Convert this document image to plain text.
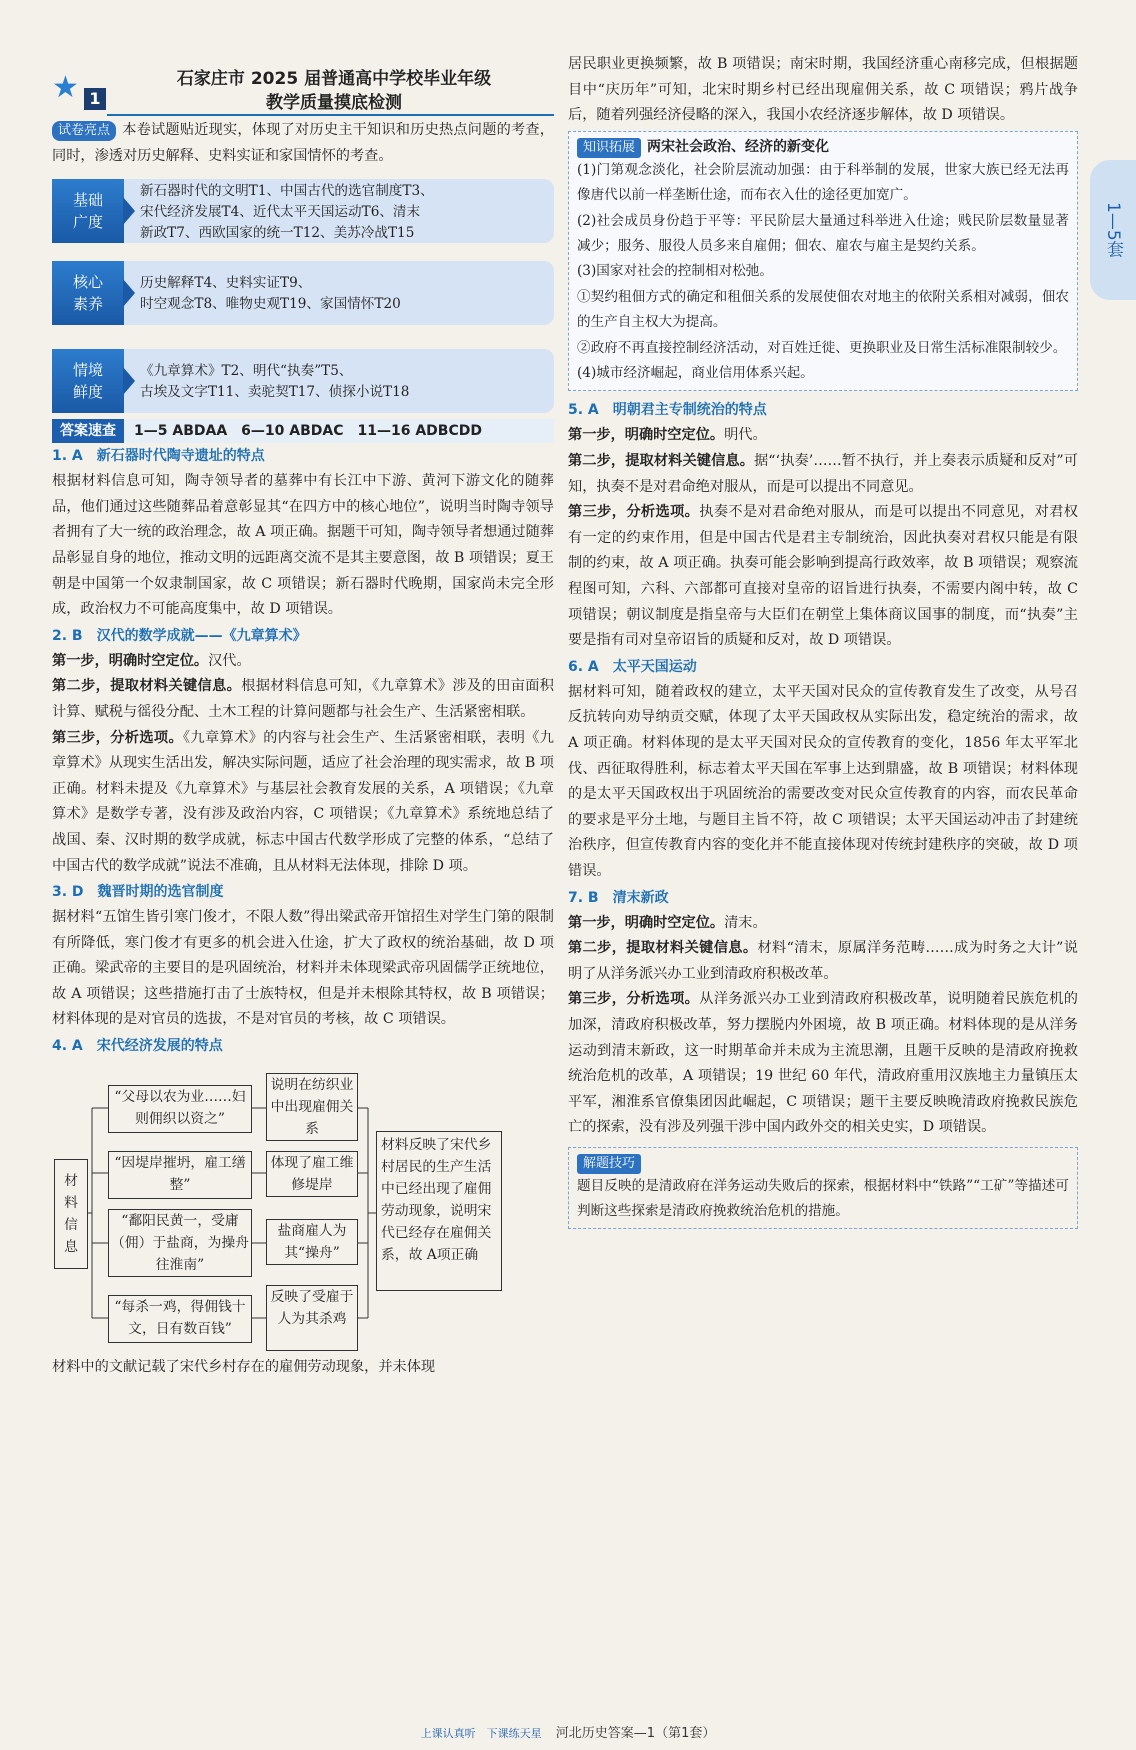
★ 1
石家庄市 2025 届普通高中学校毕业年级
教学质量摸底检测

试卷亮点 本卷试题贴近现实，体现了对历史主干知识和历史热点问题的考查，同时，渗透对历史解释、史料实证和家国情怀的考查。

基础
广度
新石器时代的文明T1、中国古代的选官制度T3、
宋代经济发展T4、近代太平天国运动T6、清末
新政T7、西欧国家的统一T12、美苏冷战T15
核心
素养
历史解释T4、史料实证T9、
时空观念T8、唯物史观T19、家国情怀T20
情境
鲜度
《九章算术》T2、明代“执奏”T5、
古埃及文字T11、卖驼契T17、侦探小说T18
答案速查 1—5 ABDAA　6—10 ABDAC　11—16 ADBCDD
1. A　新石器时代陶寺遗址的特点

根据材料信息可知，陶寺领导者的墓葬中有长江中下游、黄河下游文化的随葬品，他们通过这些随葬品着意彰显其“在四方中的核心地位”，说明当时陶寺领导者拥有了大一统的政治理念，故 A 项正确。据题干可知，陶寺领导者想通过随葬品彰显自身的地位，推动文明的远距离交流不是其主要意图，故 B 项错误；夏王朝是中国第一个奴隶制国家，故 C 项错误；新石器时代晚期，国家尚未完全形成，政治权力不可能高度集中，故 D 项错误。

2. B　汉代的数学成就——《九章算术》

第一步，明确时空定位。汉代。

第二步，提取材料关键信息。根据材料信息可知，《九章算术》涉及的田亩面积计算、赋税与徭役分配、土木工程的计算问题都与社会生产、生活紧密相联。

第三步，分析选项。《九章算术》的内容与社会生产、生活紧密相联，表明《九章算术》从现实生活出发，解决实际问题，适应了社会治理的现实需求，故 B 项正确。材料未提及《九章算术》与基层社会教育发展的关系，A 项错误；《九章算术》是数学专著，没有涉及政治内容，C 项错误；《九章算术》系统地总结了战国、秦、汉时期的数学成就，标志中国古代数学形成了完整的体系，“总结了中国古代的数学成就”说法不准确，且从材料无法体现，排除 D 项。

3. D　魏晋时期的选官制度

据材料“五馆生皆引寒门俊才，不限人数”得出梁武帝开馆招生对学生门第的限制有所降低，寒门俊才有更多的机会进入仕途，扩大了政权的统治基础，故 D 项正确。梁武帝的主要目的是巩固统治，材料并未体现梁武帝巩固儒学正统地位，故 A 项错误；这些措施打击了士族特权，但是并未根除其特权，故 B 项错误；材料体现的是对官员的选拔，不是对官员的考核，故 C 项错误。

4. A　宋代经济发展的特点
材
料
信
息
“父母以农为业……妇则佣织以资之”
“因堤岸摧坍，雇工缮整”
“鄱阳民黄一，受庸（佣）于盐商，为操舟往淮南”
“每杀一鸡，得佣钱十文，日有数百钱”
说明在纺织业中出现雇佣关系
体现了雇工维修堤岸
盐商雇人为其“操舟”
反映了受雇于人为其杀鸡
材料反映了宋代乡村居民的生产生活中已经出现了雇佣劳动现象，说明宋代已经存在雇佣关系，故 A项正确

材料中的文献记载了宋代乡村存在的雇佣劳动现象，并未体现

居民职业更换频繁，故 B 项错误；南宋时期，我国经济重心南移完成，但根据题目中“庆历年”可知，北宋时期乡村已经出现雇佣关系，故 C 项错误；鸦片战争后，随着列强经济侵略的深入，我国小农经济逐步解体，故 D 项错误。

知识拓展 两宋社会政治、经济的新变化

(1)门第观念淡化，社会阶层流动加强：由于科举制的发展，世家大族已经无法再像唐代以前一样垄断仕途，而布衣入仕的途径更加宽广。

(2)社会成员身份趋于平等：平民阶层大量通过科举进入仕途；贱民阶层数量显著减少；服务、服役人员多来自雇佣；佃农、雇农与雇主是契约关系。

(3)国家对社会的控制相对松弛。

①契约租佃方式的确定和租佃关系的发展使佃农对地主的依附关系相对减弱，佃农的生产自主权大为提高。

②政府不再直接控制经济活动，对百姓迁徙、更换职业及日常生活标准限制较少。

(4)城市经济崛起，商业信用体系兴起。

5. A　明朝君主专制统治的特点

第一步，明确时空定位。明代。

第二步，提取材料关键信息。据“‘执奏’……暂不执行，并上奏表示质疑和反对”可知，执奏不是对君命绝对服从，而是可以提出不同意见。

第三步，分析选项。执奏不是对君命绝对服从，而是可以提出不同意见，对君权有一定的约束作用，但是中国古代是君主专制统治，因此执奏对君权只能是有限制的约束，故 A 项正确。执奏可能会影响到提高行政效率，故 B 项错误；观察流程图可知，六科、六部都可直接对皇帝的诏旨进行执奏，不需要内阁中转，故 C 项错误；朝议制度是指皇帝与大臣们在朝堂上集体商议国事的制度，而“执奏”主要是指有司对皇帝诏旨的质疑和反对，故 D 项错误。

6. A　太平天国运动

据材料可知，随着政权的建立，太平天国对民众的宣传教育发生了改变，从号召反抗转向劝导纳贡交赋，体现了太平天国政权从实际出发，稳定统治的需求，故 A 项正确。材料体现的是太平天国对民众的宣传教育的变化，1856 年太平军北伐、西征取得胜利，标志着太平天国在军事上达到鼎盛，故 B 项错误；材料体现的是太平天国政权出于巩固统治的需要改变对民众宣传教育的内容，而农民革命的要求是平分土地，与题目主旨不符，故 C 项错误；太平天国运动冲击了封建统治秩序，但宣传教育内容的变化并不能直接体现对传统封建秩序的突破，故 D 项错误。

7. B　清末新政

第一步，明确时空定位。清末。

第二步，提取材料关键信息。材料“清末，原属洋务范畴……成为时务之大计”说明了从洋务派兴办工业到清政府积极改革。

第三步，分析选项。从洋务派兴办工业到清政府积极改革，说明随着民族危机的加深，清政府积极改革，努力摆脱内外困境，故 B 项正确。材料体现的是从洋务运动到清末新政，这一时期革命并未成为主流思潮，且题干反映的是清政府挽救统治危机的改革，A 项错误；19 世纪 60 年代，清政府重用汉族地主力量镇压太平军，湘淮系官僚集团因此崛起，C 项错误；题干主要反映晚清政府挽救民族危亡的探索，没有涉及列强干涉中国内政外交的相关史实，D 项错误。

解题技巧

题目反映的是清政府在洋务运动失败后的探索，根据材料中“铁路”“工矿”等描述可判断这些探索是清政府挽救统治危机的措施。

1—5套
上课认真听　下课练天星 河北历史答案—1（第1套）
